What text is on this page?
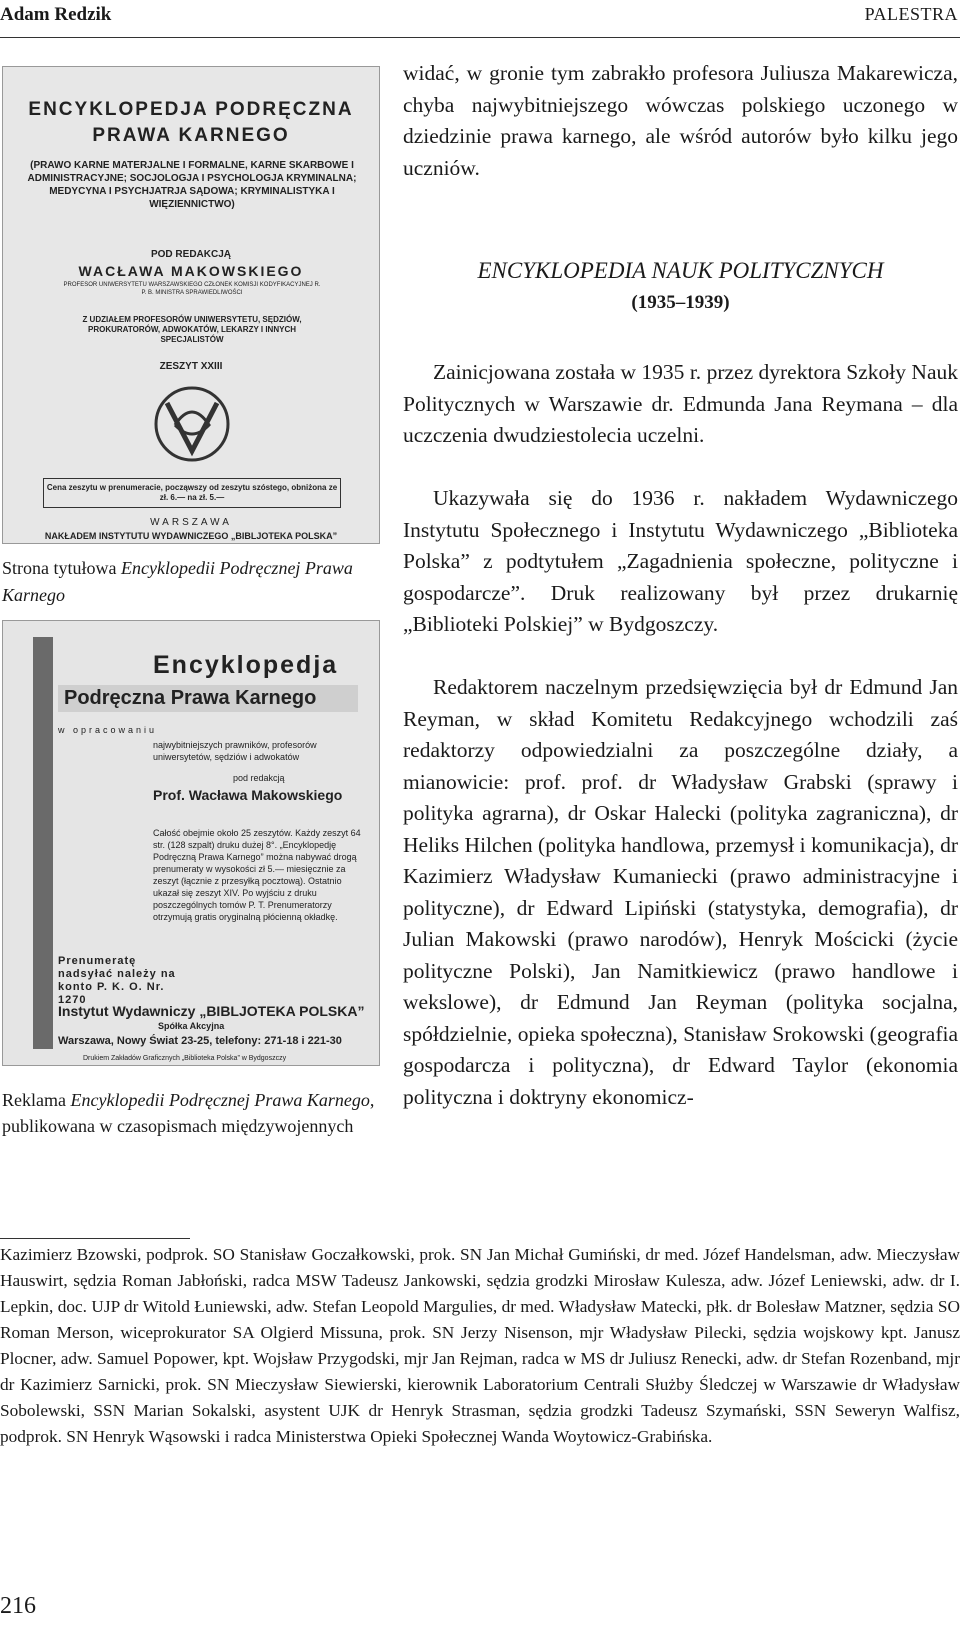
Adam Redzik	PALESTRA
ENCYKLOPEDJA PODRĘCZNA
PRAWA KARNEGO
(PRAWO KARNE MATERJALNE I FORMALNE, KARNE SKARBOWE I ADMINISTRACYJNE; SOCJOLOGJA I PSYCHOLOGJA KRYMINALNA; MEDYCYNA I PSYCHJATRJA SĄDOWA; KRYMINALISTYKA I WIĘZIENNICTWO)
POD REDAKCJĄ
WACŁAWA MAKOWSKIEGO
PROFESOR UNIWERSYTETU WARSZAWSKIEGO CZŁONEK KOMISJI KODYFIKACYJNEJ R. P. B. MINISTRA SPRAWIEDLIWOŚCI
Z UDZIAŁEM PROFESORÓW UNIWERSYTETU, SĘDZIÓW, PROKURATORÓW, ADWOKATÓW, LEKARZY I INNYCH SPECJALISTÓW
ZESZYT XXIII
Cena zeszytu w prenumeracie, począwszy od zeszytu szóstego, obniżona ze zł. 6.— na zł. 5.—
WARSZAWA
NAKŁADEM INSTYTUTU WYDAWNICZEGO „BIBLJOTEKA POLSKA”
Strona tytułowa Encyklopedii Podręcznej Prawa Karnego
Encyklopedja
Podręczna Prawa Karnego
w opracowaniu
najwybitniejszych prawników, profesorów uniwersytetów, sędziów i adwokatów
pod redakcją
Prof. Wacława Makowskiego
Całość obejmie około 25 zeszytów. Każdy zeszyt 64 str. (128 szpalt) druku dużej 8°. „Encyklopedję Podręczną Prawa Karnego” można nabywać drogą prenumeraty w wysokości zł 5.— miesięcznie za zeszyt (łącznie z przesyłką pocztową). Ostatnio ukazał się zeszyt XIV. Po wyjściu z druku poszczególnych tomów P. T. Prenumeratorzy otrzymują gratis oryginalną płócienną okładkę.
Prenumeratę nadsyłać należy na konto P. K. O. Nr. 1270
Instytut Wydawniczy „BIBLJOTEKA POLSKA”
Spółka Akcyjna
Warszawa, Nowy Świat 23-25, telefony: 271-18 i 221-30
Drukiem Zakładów Graficznych „Biblioteka Polska” w Bydgoszczy
Reklama Encyklopedii Podręcznej Prawa Karnego, publikowana w czasopismach międzywojennych
widać, w gronie tym zabrakło profesora Juliusza Makarewicza, chyba najwybitniejszego wówczas polskiego uczonego w dziedzinie prawa karnego, ale wśród autorów było kilku jego uczniów.
ENCYKLOPEDIA NAUK POLITYCZNYCH
(1935–1939)
Zainicjowana została w 1935 r. przez dyrektora Szkoły Nauk Politycznych w Warszawie dr. Edmunda Jana Reymana – dla uczczenia dwudziestolecia uczelni.
Ukazywała się do 1936 r. nakładem Wydawniczego Instytutu Społecznego i Instytutu Wydawniczego „Biblioteka Polska” z podtytułem „Zagadnienia społeczne, polityczne i gospodarcze”. Druk realizowany był przez drukarnię „Biblioteki Polskiej” w Bydgoszczy.
Redaktorem naczelnym przedsięwzięcia był dr Edmund Jan Reyman, w skład Komitetu Redakcyjnego wchodzili zaś redaktorzy odpowiedzialni za poszczególne działy, a mianowicie: prof. prof. dr Władysław Grabski (sprawy i polityka agrarna), dr Oskar Halecki (polityka zagraniczna), dr Heliks Hilchen (polityka handlowa, przemysł i komunikacja), dr Kazimierz Władysław Kumaniecki (prawo administracyjne i polityczne), dr Edward Lipiński (statystyka, demografia), dr Julian Makowski (prawo narodów), Henryk Mościcki (życie polityczne Polski), Jan Namitkiewicz (prawo handlowe i wekslowe), dr Edmund Jan Reyman (polityka socjalna, spółdzielnie, opieka społeczna), Stanisław Srokowski (geografia gospodarcza i polityczna), dr Edward Taylor (ekonomia polityczna i doktryny ekonomicz-
Kazimierz Bzowski, podprok. SO Stanisław Goczałkowski, prok. SN Jan Michał Gumiński, dr med. Józef Handelsman, adw. Mieczysław Hauswirt, sędzia Roman Jabłoński, radca MSW Tadeusz Jankowski, sędzia grodzki Mirosław Kulesza, adw. Józef Leniewski, adw. dr I. Lepkin, doc. UJP dr Witold Łuniewski, adw. Stefan Leopold Margulies, dr med. Władysław Matecki, płk. dr Bolesław Matzner, sędzia SO Roman Merson, wiceprokurator SA Olgierd Missuna, prok. SN Jerzy Nisenson, mjr Władysław Pilecki, sędzia wojskowy kpt. Janusz Plocner, adw. Samuel Popower, kpt. Wojsław Przygodski, mjr Jan Rejman, radca w MS dr Juliusz Renecki, adw. dr Stefan Rozenband, mjr dr Kazimierz Sarnicki, prok. SN Mieczysław Siewierski, kierownik Laboratorium Centrali Służby Śledczej w Warszawie dr Władysław Sobolewski, SSN Marian Sokalski, asystent UJK dr Henryk Strasman, sędzia grodzki Tadeusz Szymański, SSN Seweryn Walfisz, podprok. SN Henryk Wąsowski i radca Ministerstwa Opieki Społecznej Wanda Woytowicz-Grabińska.
216
